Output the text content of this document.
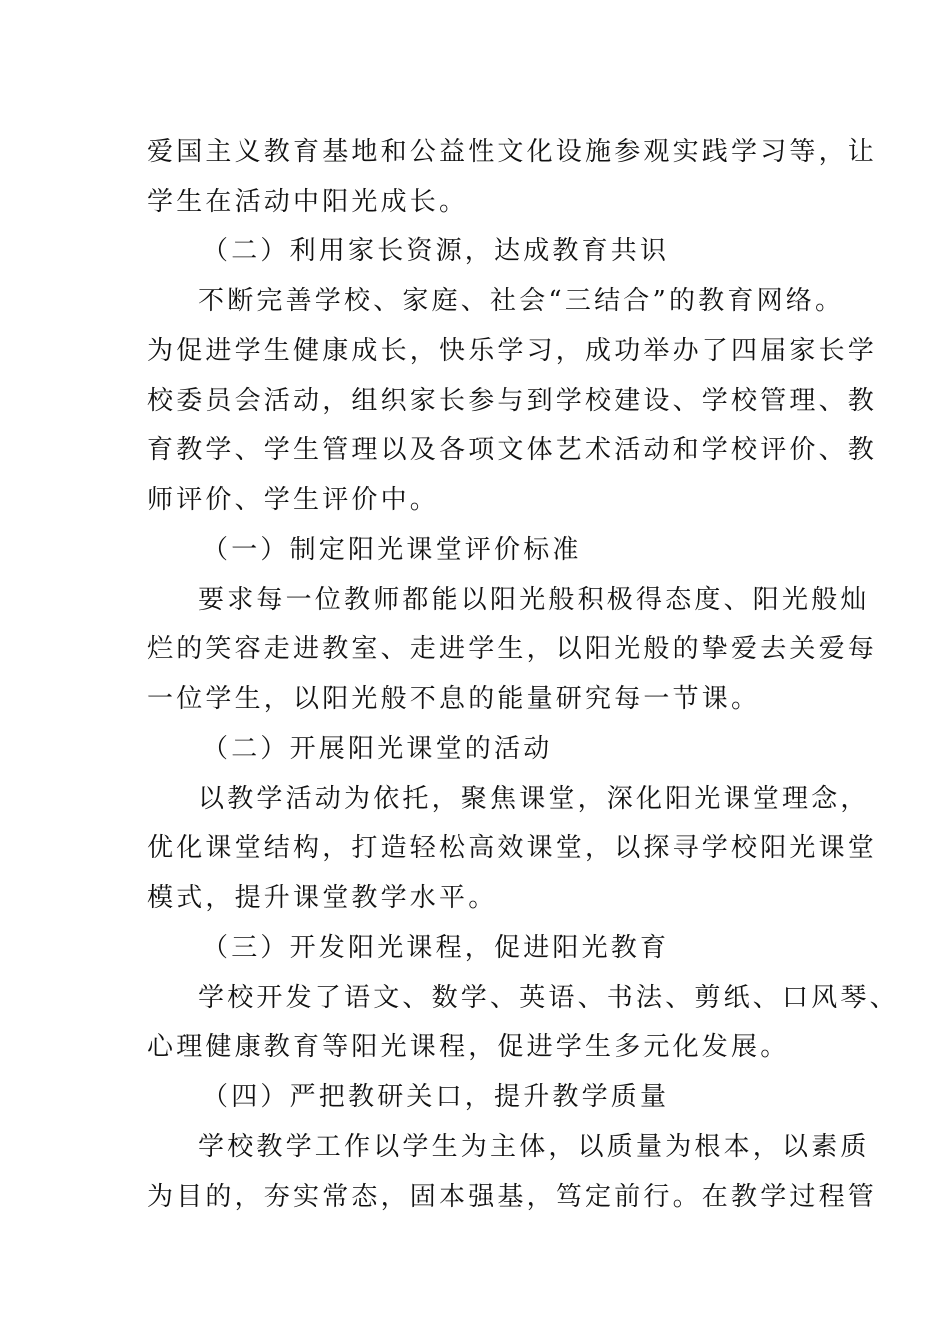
爱国主义教育基地和公益性文化设施参观实践学习等，让
学生在活动中阳光成长。
（二）利用家长资源，达成教育共识
不断完善学校、家庭、社会“三结合”的教育网络。
为促进学生健康成长，快乐学习，成功举办了四届家长学
校委员会活动，组织家长参与到学校建设、学校管理、教
育教学、学生管理以及各项文体艺术活动和学校评价、教
师评价、学生评价中。
（一）制定阳光课堂评价标准
要求每一位教师都能以阳光般积极得态度、阳光般灿
烂的笑容走进教室、走进学生，以阳光般的挚爱去关爱每
一位学生，以阳光般不息的能量研究每一节课。
（二）开展阳光课堂的活动
以教学活动为依托，聚焦课堂，深化阳光课堂理念，
优化课堂结构，打造轻松高效课堂，以探寻学校阳光课堂
模式，提升课堂教学水平。
（三）开发阳光课程，促进阳光教育
学校开发了语文、数学、英语、书法、剪纸、口风琴、
心理健康教育等阳光课程，促进学生多元化发展。
（四）严把教研关口，提升教学质量
学校教学工作以学生为主体，以质量为根本，以素质
为目的，夯实常态，固本强基，笃定前行。在教学过程管
